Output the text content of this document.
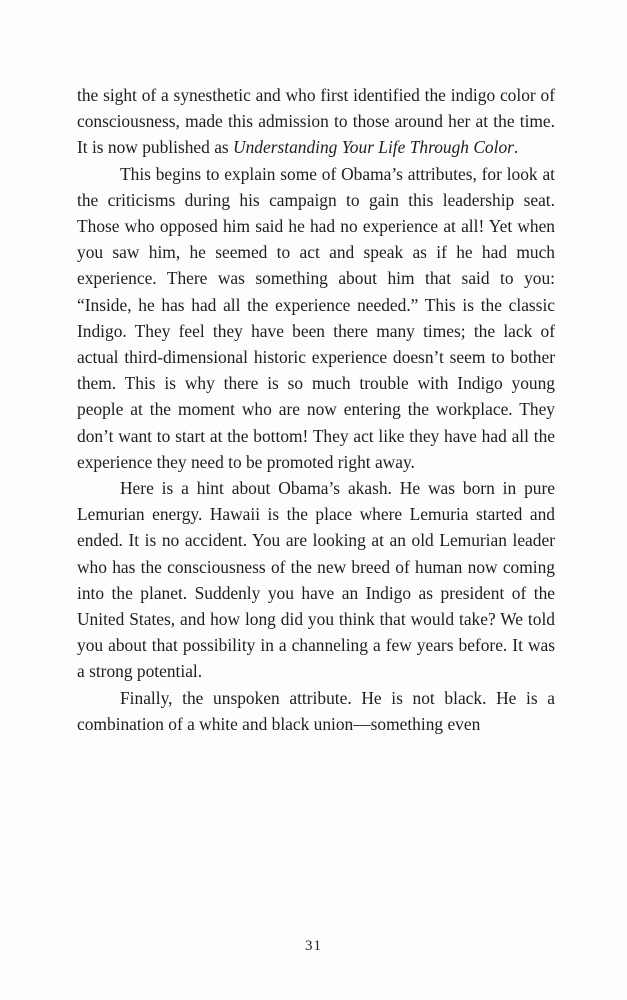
the sight of a synesthetic and who first identified the indigo color of consciousness, made this admission to those around her at the time. It is now published as Understanding Your Life Through Color.

This begins to explain some of Obama’s attributes, for look at the criticisms during his campaign to gain this leadership seat. Those who opposed him said he had no experience at all! Yet when you saw him, he seemed to act and speak as if he had much experience. There was something about him that said to you: “Inside, he has had all the experience needed.” This is the classic Indigo. They feel they have been there many times; the lack of actual third-dimensional historic experience doesn’t seem to bother them. This is why there is so much trouble with Indigo young people at the moment who are now entering the workplace. They don’t want to start at the bottom! They act like they have had all the experience they need to be promoted right away.

Here is a hint about Obama’s akash. He was born in pure Lemurian energy. Hawaii is the place where Lemuria started and ended. It is no accident. You are looking at an old Lemurian leader who has the consciousness of the new breed of human now coming into the planet. Suddenly you have an Indigo as president of the United States, and how long did you think that would take? We told you about that possibility in a channeling a few years before. It was a strong potential.

Finally, the unspoken attribute. He is not black. He is a combination of a white and black union—something even

31
